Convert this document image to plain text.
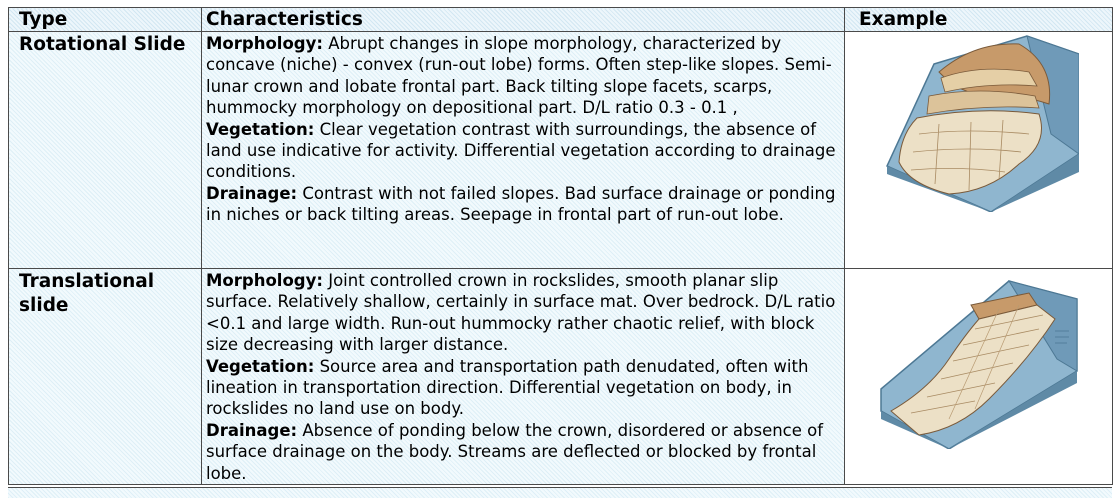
Type	Characteristics	Example
Rotational Slide	Morphology: Abrupt changes in slope morphology, characterized by concave (niche) - convex (run-out lobe) forms. Often step-like slopes. Semi-lunar crown and lobate frontal part. Back tilting slope facets, scarps, hummocky morphology on depositional part. D/L ratio 0.3 - 0.1 ,

Vegetation: Clear vegetation contrast with surroundings, the absence of land use indicative for activity. Differential vegetation according to drainage conditions.

Drainage: Contrast with not failed slopes. Bad surface drainage or ponding in niches or back tilting areas. Seepage in frontal part of run-out lobe.

Translational slide	Morphology: Joint controlled crown in rockslides, smooth planar slip surface. Relatively shallow, certainly in surface mat. Over bedrock. D/L ratio <0.1 and large width. Run-out hummocky rather chaotic relief, with block size decreasing with larger distance.

Vegetation: Source area and transportation path denudated, often with lineation in transportation direction. Differential vegetation on body, in rockslides no land use on body.

Drainage: Absence of ponding below the crown, disordered or absence of surface drainage on the body. Streams are deflected or blocked by frontal lobe.
